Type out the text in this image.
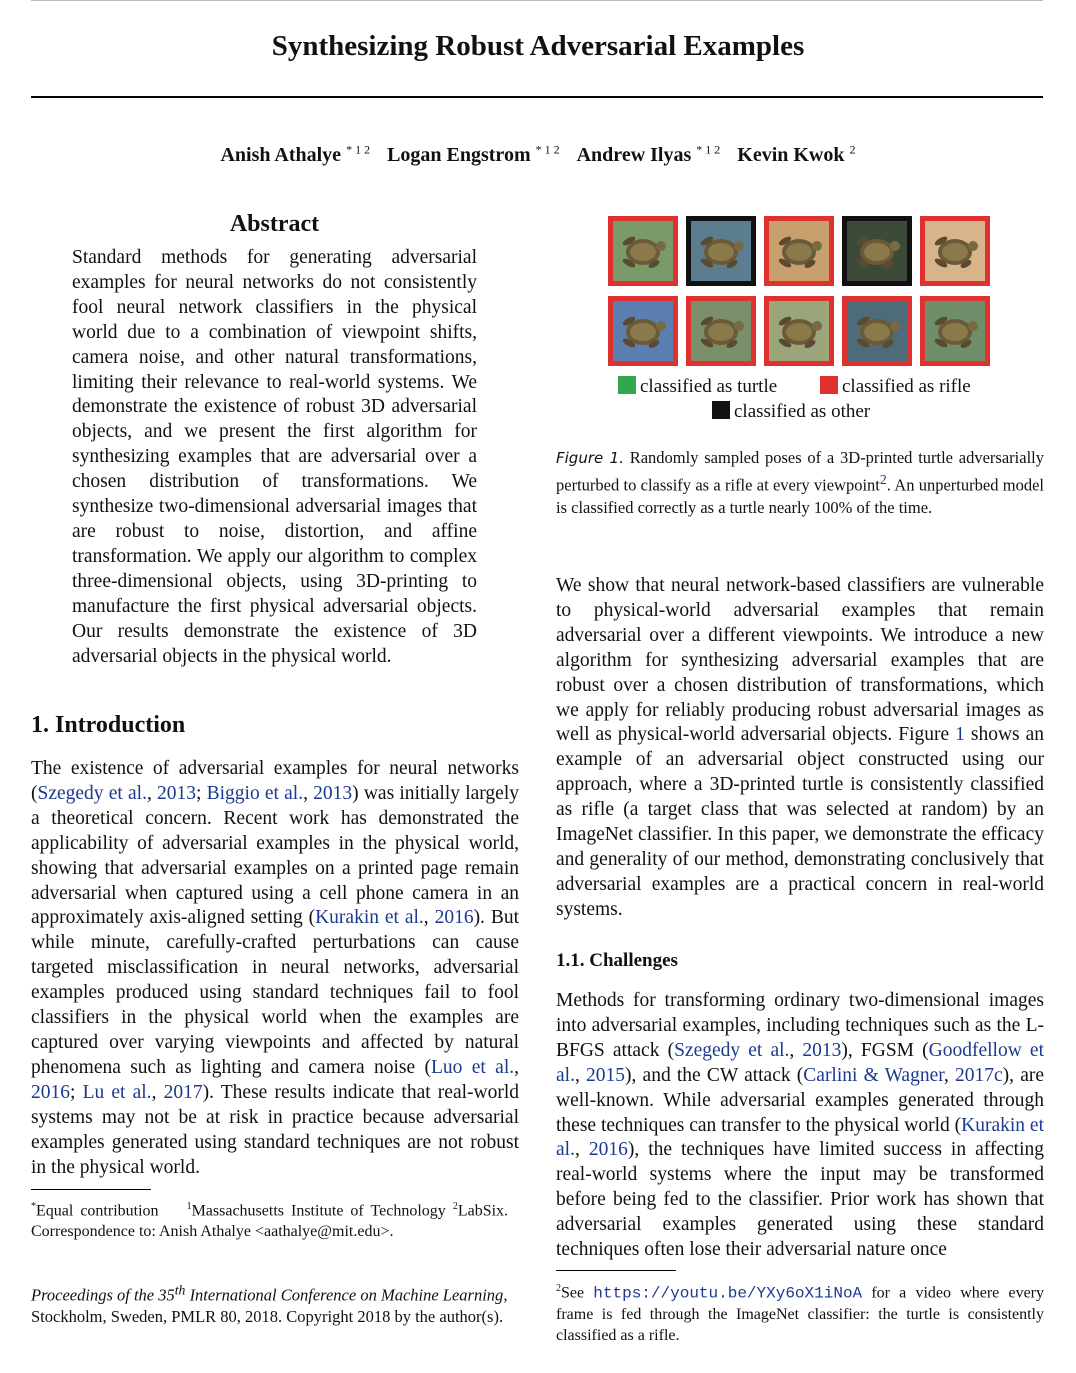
Synthesizing Robust Adversarial Examples
Anish Athalye $^{* 1 2}$ Logan Engstrom $^{* 1 2}$ Andrew Ilyas $^{* 1 2}$ Kevin Kwok $^2$
Abstract
Standard methods for generating adversarial examples for neural networks do not consistently fool neural network classifiers in the physical world due to a combination of viewpoint shifts, camera noise, and other natural transformations, limiting their relevance to real-world systems. We demonstrate the existence of robust 3D adversarial objects, and we present the first algorithm for synthesizing examples that are adversarial over a chosen distribution of transformations. We synthesize two-dimensional adversarial images that are robust to noise, distortion, and affine transformation. We apply our algorithm to complex three-dimensional objects, using 3D-printing to manufacture the first physical adversarial objects. Our results demonstrate the existence of 3D adversarial objects in the physical world.
1. Introduction
The existence of adversarial examples for neural networks (Szegedy et al., 2013; Biggio et al., 2013) was initially largely a theoretical concern. Recent work has demonstrated the applicability of adversarial examples in the physical world, showing that adversarial examples on a printed page remain adversarial when captured using a cell phone camera in an approximately axis-aligned setting (Kurakin et al., 2016). But while minute, carefully-crafted perturbations can cause targeted misclassification in neural networks, adversarial examples produced using standard techniques fail to fool classifiers in the physical world when the examples are captured over varying viewpoints and affected by natural phenomena such as lighting and camera noise (Luo et al., 2016; Lu et al., 2017). These results indicate that real-world systems may not be at risk in practice because adversarial examples generated using standard techniques are not robust in the physical world.
*Equal contribution	$^1$Massachusetts Institute of Technology $^2$LabSix.   Correspondence to: Anish Athalye <aathalye@mit.edu>.
Proceedings of the 35th International Conference on Machine Learning, Stockholm, Sweden, PMLR 80, 2018. Copyright 2018 by the author(s).
classified as turtle	classified as rifle
classified as other
Figure 1. Randomly sampled poses of a 3D-printed turtle adversarially perturbed to classify as a rifle at every viewpoint$^2$. An unperturbed model is classified correctly as a turtle nearly 100% of the time.
We show that neural network-based classifiers are vulnerable to physical-world adversarial examples that remain adversarial over a different viewpoints. We introduce a new algorithm for synthesizing adversarial examples that are robust over a chosen distribution of transformations, which we apply for reliably producing robust adversarial images as well as physical-world adversarial objects. Figure 1 shows an example of an adversarial object constructed using our approach, where a 3D-printed turtle is consistently classified as rifle (a target class that was selected at random) by an ImageNet classifier. In this paper, we demonstrate the efficacy and generality of our method, demonstrating conclusively that adversarial examples are a practical concern in real-world systems.
1.1. Challenges
Methods for transforming ordinary two-dimensional images into adversarial examples, including techniques such as the L-BFGS attack (Szegedy et al., 2013), FGSM (Goodfellow et al., 2015), and the CW attack (Carlini & Wagner, 2017c), are well-known. While adversarial examples generated through these techniques can transfer to the physical world (Kurakin et al., 2016), the techniques have limited success in affecting real-world systems where the input may be transformed before being fed to the classifier. Prior work has shown that adversarial examples generated using these standard techniques often lose their adversarial nature once
$^2$See https://youtu.be/YXy6oX1iNoA for a video where every frame is fed through the ImageNet classifier: the turtle is consistently classified as a rifle.
